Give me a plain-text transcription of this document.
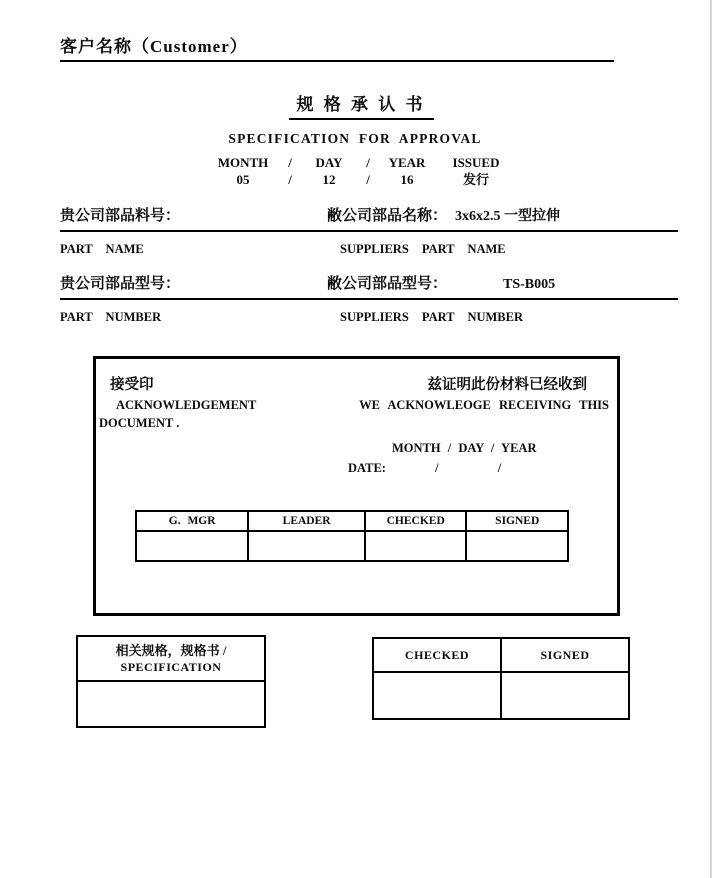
客户名称（Customer）
规 格 承 认 书
SPECIFICATION FOR APPROVAL
MONTH	/	DAY	/	YEAR	ISSUED
05	/	12	/	16	发行
贵公司部品料号：	敝公司部品名称： 3x6x2.5 一型拉伸
PART NAME	SUPPLIERS PART NAME
贵公司部品型号：	敝公司部品型号：	TS-B005
PART NUMBER	SUPPLIERS PART NUMBER
接受印	兹证明此份材料已经收到
ACKNOWLEDGEMENT	WE ACKNOWLEOGE RECEIVING THIS
DOCUMENT .
MONTH / DAY / YEAR
DATE:	/	/
G. MGR	LEADER	CHECKED	SIGNED

相关规格，规格书 /
SPECIFICATION
CHECKED	SIGNED
